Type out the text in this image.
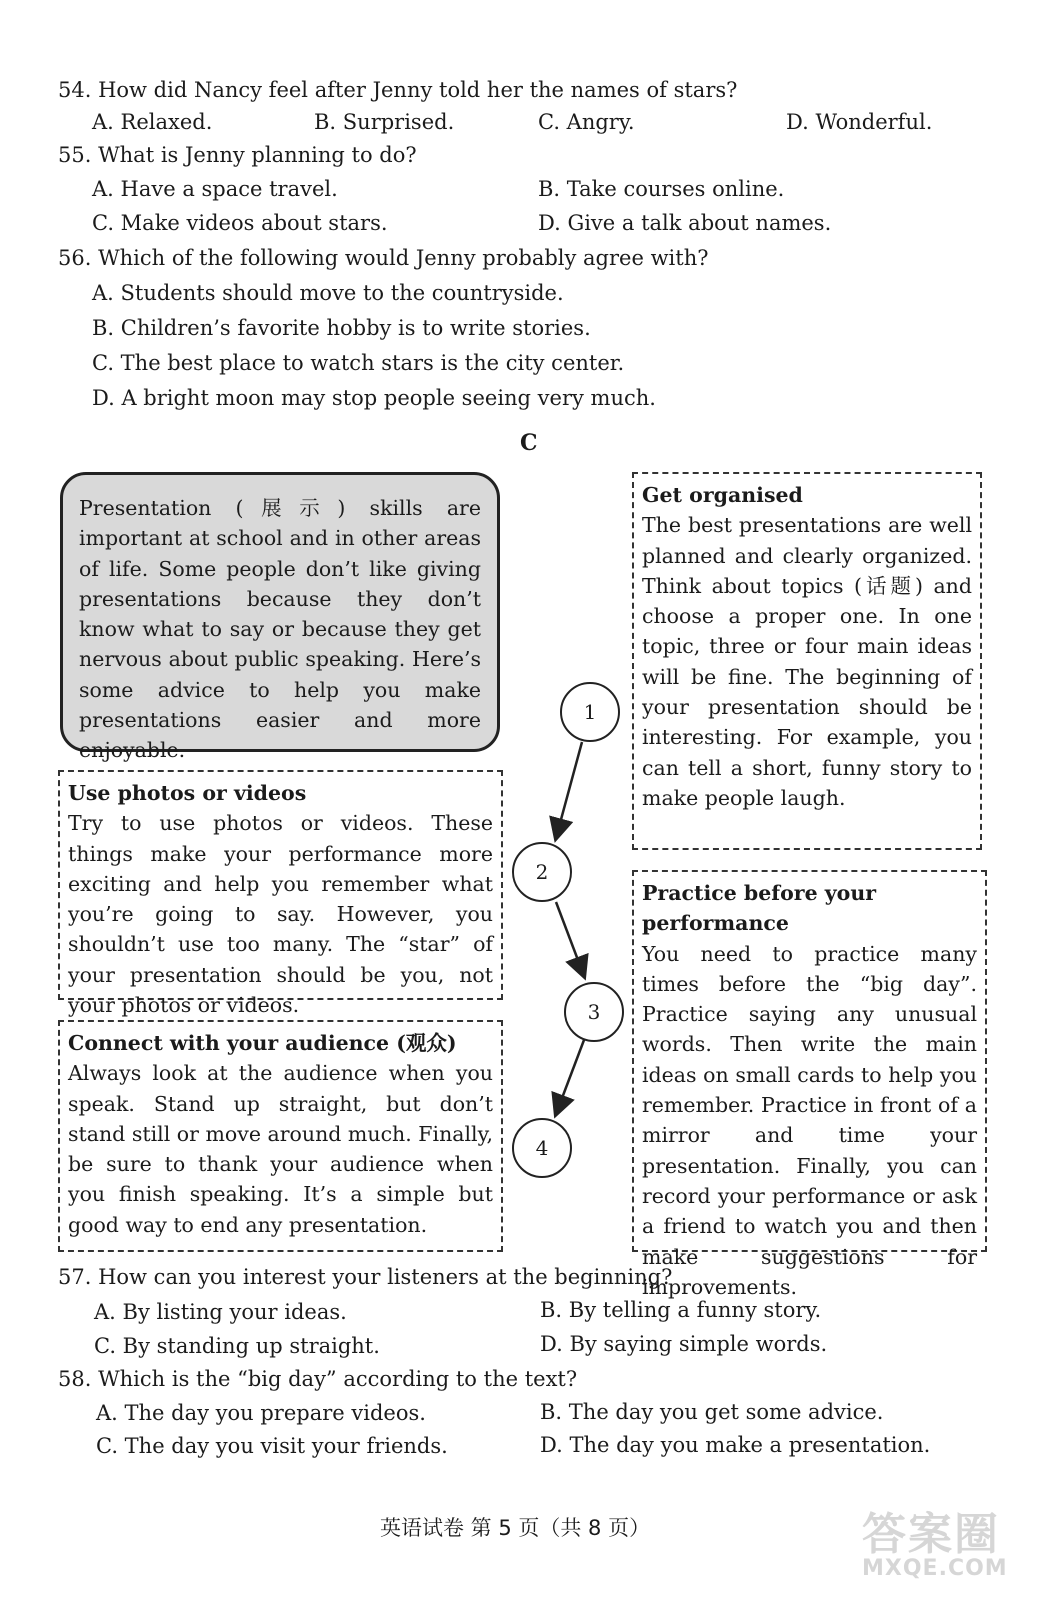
54. How did Nancy feel after Jenny told her the names of stars?
A. Relaxed.	B. Surprised.	C. Angry.	D. Wonderful.
55. What is Jenny planning to do?
A. Have a space travel.	B. Take courses online.
C. Make videos about stars.	D. Give a talk about names.
56. Which of the following would Jenny probably agree with?
A. Students should move to the countryside.
B. Children’s favorite hobby is to write stories.
C. The best place to watch stars is the city center.
D. A bright moon may stop people seeing very much.
C

Presentation (展示) skills are important at school and in other areas of life. Some people don’t like giving presentations because they don’t know what to say or because they get nervous about public speaking. Here’s some advice to help you make presentations easier and more enjoyable.

Get organised

The best presentations are well planned and clearly organized. Think about topics (话题) and choose a proper one. In one topic, three or four main ideas will be fine. The beginning of your presentation should be interesting. For example, you can tell a short, funny story to make people laugh.

Use photos or videos

Try to use photos or videos. These things make your performance more exciting and help you remember what you’re going to say. However, you shouldn’t use too many. The “star” of your presentation should be you, not your photos or videos.

Practice before your performance

You need to practice many times before the “big day”. Practice saying any unusual words. Then write the main ideas on small cards to help you remember. Practice in front of a mirror and time your presentation. Finally, you can record your performance or ask a friend to watch you and then make suggestions for improvements.

Connect with your audience (观众)

Always look at the audience when you speak. Stand up straight, but don’t stand still or move around much. Finally, be sure to thank your audience when you finish speaking. It’s a simple but good way to end any presentation.

1
2
3
4
57. How can you interest your listeners at the beginning?
A. By listing your ideas.	B. By telling a funny story.
C. By standing up straight.	D. By saying simple words.
58. Which is the “big day” according to the text?
A. The day you prepare videos.	B. The day you get some advice.
C. The day you visit your friends.	D. The day you make a presentation.
英语试卷 第 5 页（共 8 页）	答案圈
MXQE.COM
